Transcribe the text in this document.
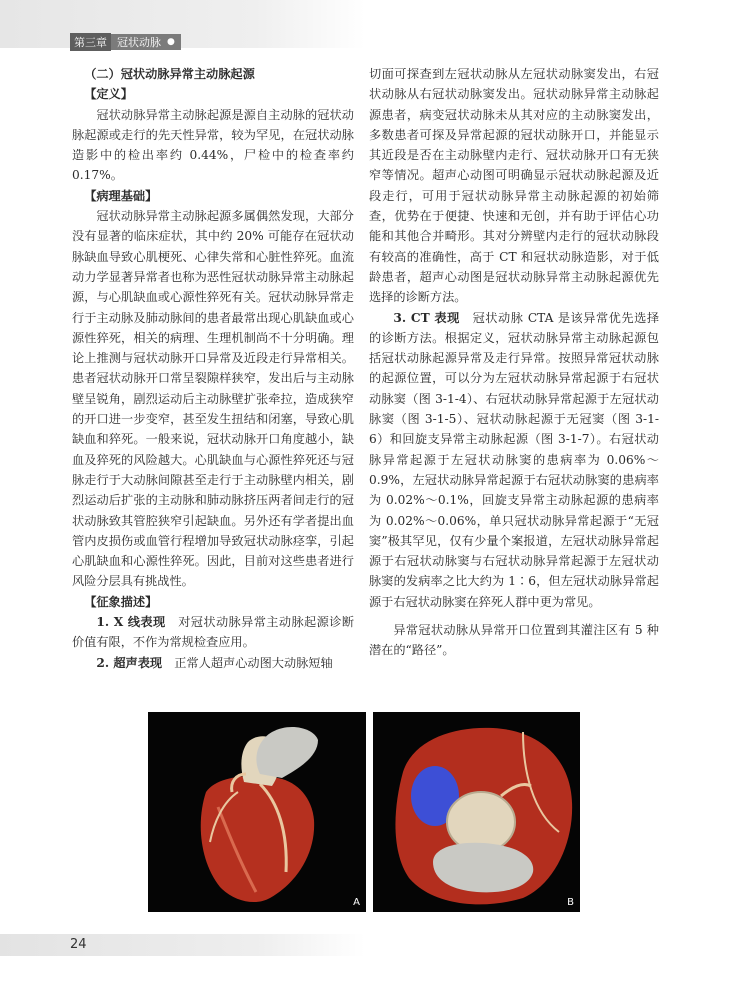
第三章 冠状动脉 ●

（二）冠状动脉异常主动脉起源

【定义】

冠状动脉异常主动脉起源是源自主动脉的冠状动脉起源或走行的先天性异常，较为罕见，在冠状动脉造影中的检出率约 0.44%，尸检中的检查率约 0.17%。

【病理基础】

冠状动脉异常主动脉起源多属偶然发现，大部分没有显著的临床症状，其中约 20% 可能存在冠状动脉缺血导致心肌梗死、心律失常和心脏性猝死。血流动力学显著异常者也称为恶性冠状动脉异常主动脉起源，与心肌缺血或心源性猝死有关。冠状动脉异常走行于主动脉及肺动脉间的患者最常出现心肌缺血或心源性猝死，相关的病理、生理机制尚不十分明确。理论上推测与冠状动脉开口异常及近段走行异常相关。患者冠状动脉开口常呈裂隙样狭窄，发出后与主动脉壁呈锐角，剧烈运动后主动脉壁扩张牵拉，造成狭窄的开口进一步变窄，甚至发生扭结和闭塞，导致心肌缺血和猝死。一般来说，冠状动脉开口角度越小，缺血及猝死的风险越大。心肌缺血与心源性猝死还与冠脉走行于大动脉间隙甚至走行于主动脉壁内相关，剧烈运动后扩张的主动脉和肺动脉挤压两者间走行的冠状动脉致其管腔狭窄引起缺血。另外还有学者提出血管内皮损伤或血管行程增加导致冠状动脉痉挛，引起心肌缺血和心源性猝死。因此，目前对这些患者进行风险分层具有挑战性。

【征象描述】

1. X 线表现　 对冠状动脉异常主动脉起源诊断价值有限，不作为常规检查应用。

2. 超声表现　 正常人超声心动图大动脉短轴

切面可探查到左冠状动脉从左冠状动脉窦发出，右冠状动脉从右冠状动脉窦发出。冠状动脉异常主动脉起源患者，病变冠状动脉未从其对应的主动脉窦发出，多数患者可探及异常起源的冠状动脉开口，并能显示其近段是否在主动脉壁内走行、冠状动脉开口有无狭窄等情况。超声心动图可明确显示冠状动脉起源及近段走行，可用于冠状动脉异常主动脉起源的初始筛查，优势在于便捷、快速和无创，并有助于评估心功能和其他合并畸形。其对分辨壁内走行的冠状动脉段有较高的准确性，高于 CT 和冠状动脉造影，对于低龄患者，超声心动图是冠状动脉异常主动脉起源优先选择的诊断方法。

3. CT 表现　 冠状动脉 CTA 是该异常优先选择的诊断方法。根据定义，冠状动脉异常主动脉起源包括冠状动脉起源异常及走行异常。按照异常冠状动脉的起源位置，可以分为左冠状动脉异常起源于右冠状动脉窦（图 3-1-4）、右冠状动脉异常起源于左冠状动脉窦（图 3-1-5）、冠状动脉起源于无冠窦（图 3-1-6）和回旋支异常主动脉起源（图 3-1-7）。右冠状动脉异常起源于左冠状动脉窦的患病率为 0.06%～0.9%，左冠状动脉异常起源于右冠状动脉窦的患病率为 0.02%～0.1%，回旋支异常主动脉起源的患病率为 0.02%～0.06%，单只冠状动脉异常起源于“无冠窦”极其罕见，仅有少量个案报道，左冠状动脉异常起源于右冠状动脉窦与右冠状动脉异常起源于左冠状动脉窦的发病率之比大约为 1∶6，但左冠状动脉异常起源于右冠状动脉窦在猝死人群中更为常见。

异常冠状动脉从异常开口位置到其灌注区有 5 种潜在的“路径”。

A	B
24
